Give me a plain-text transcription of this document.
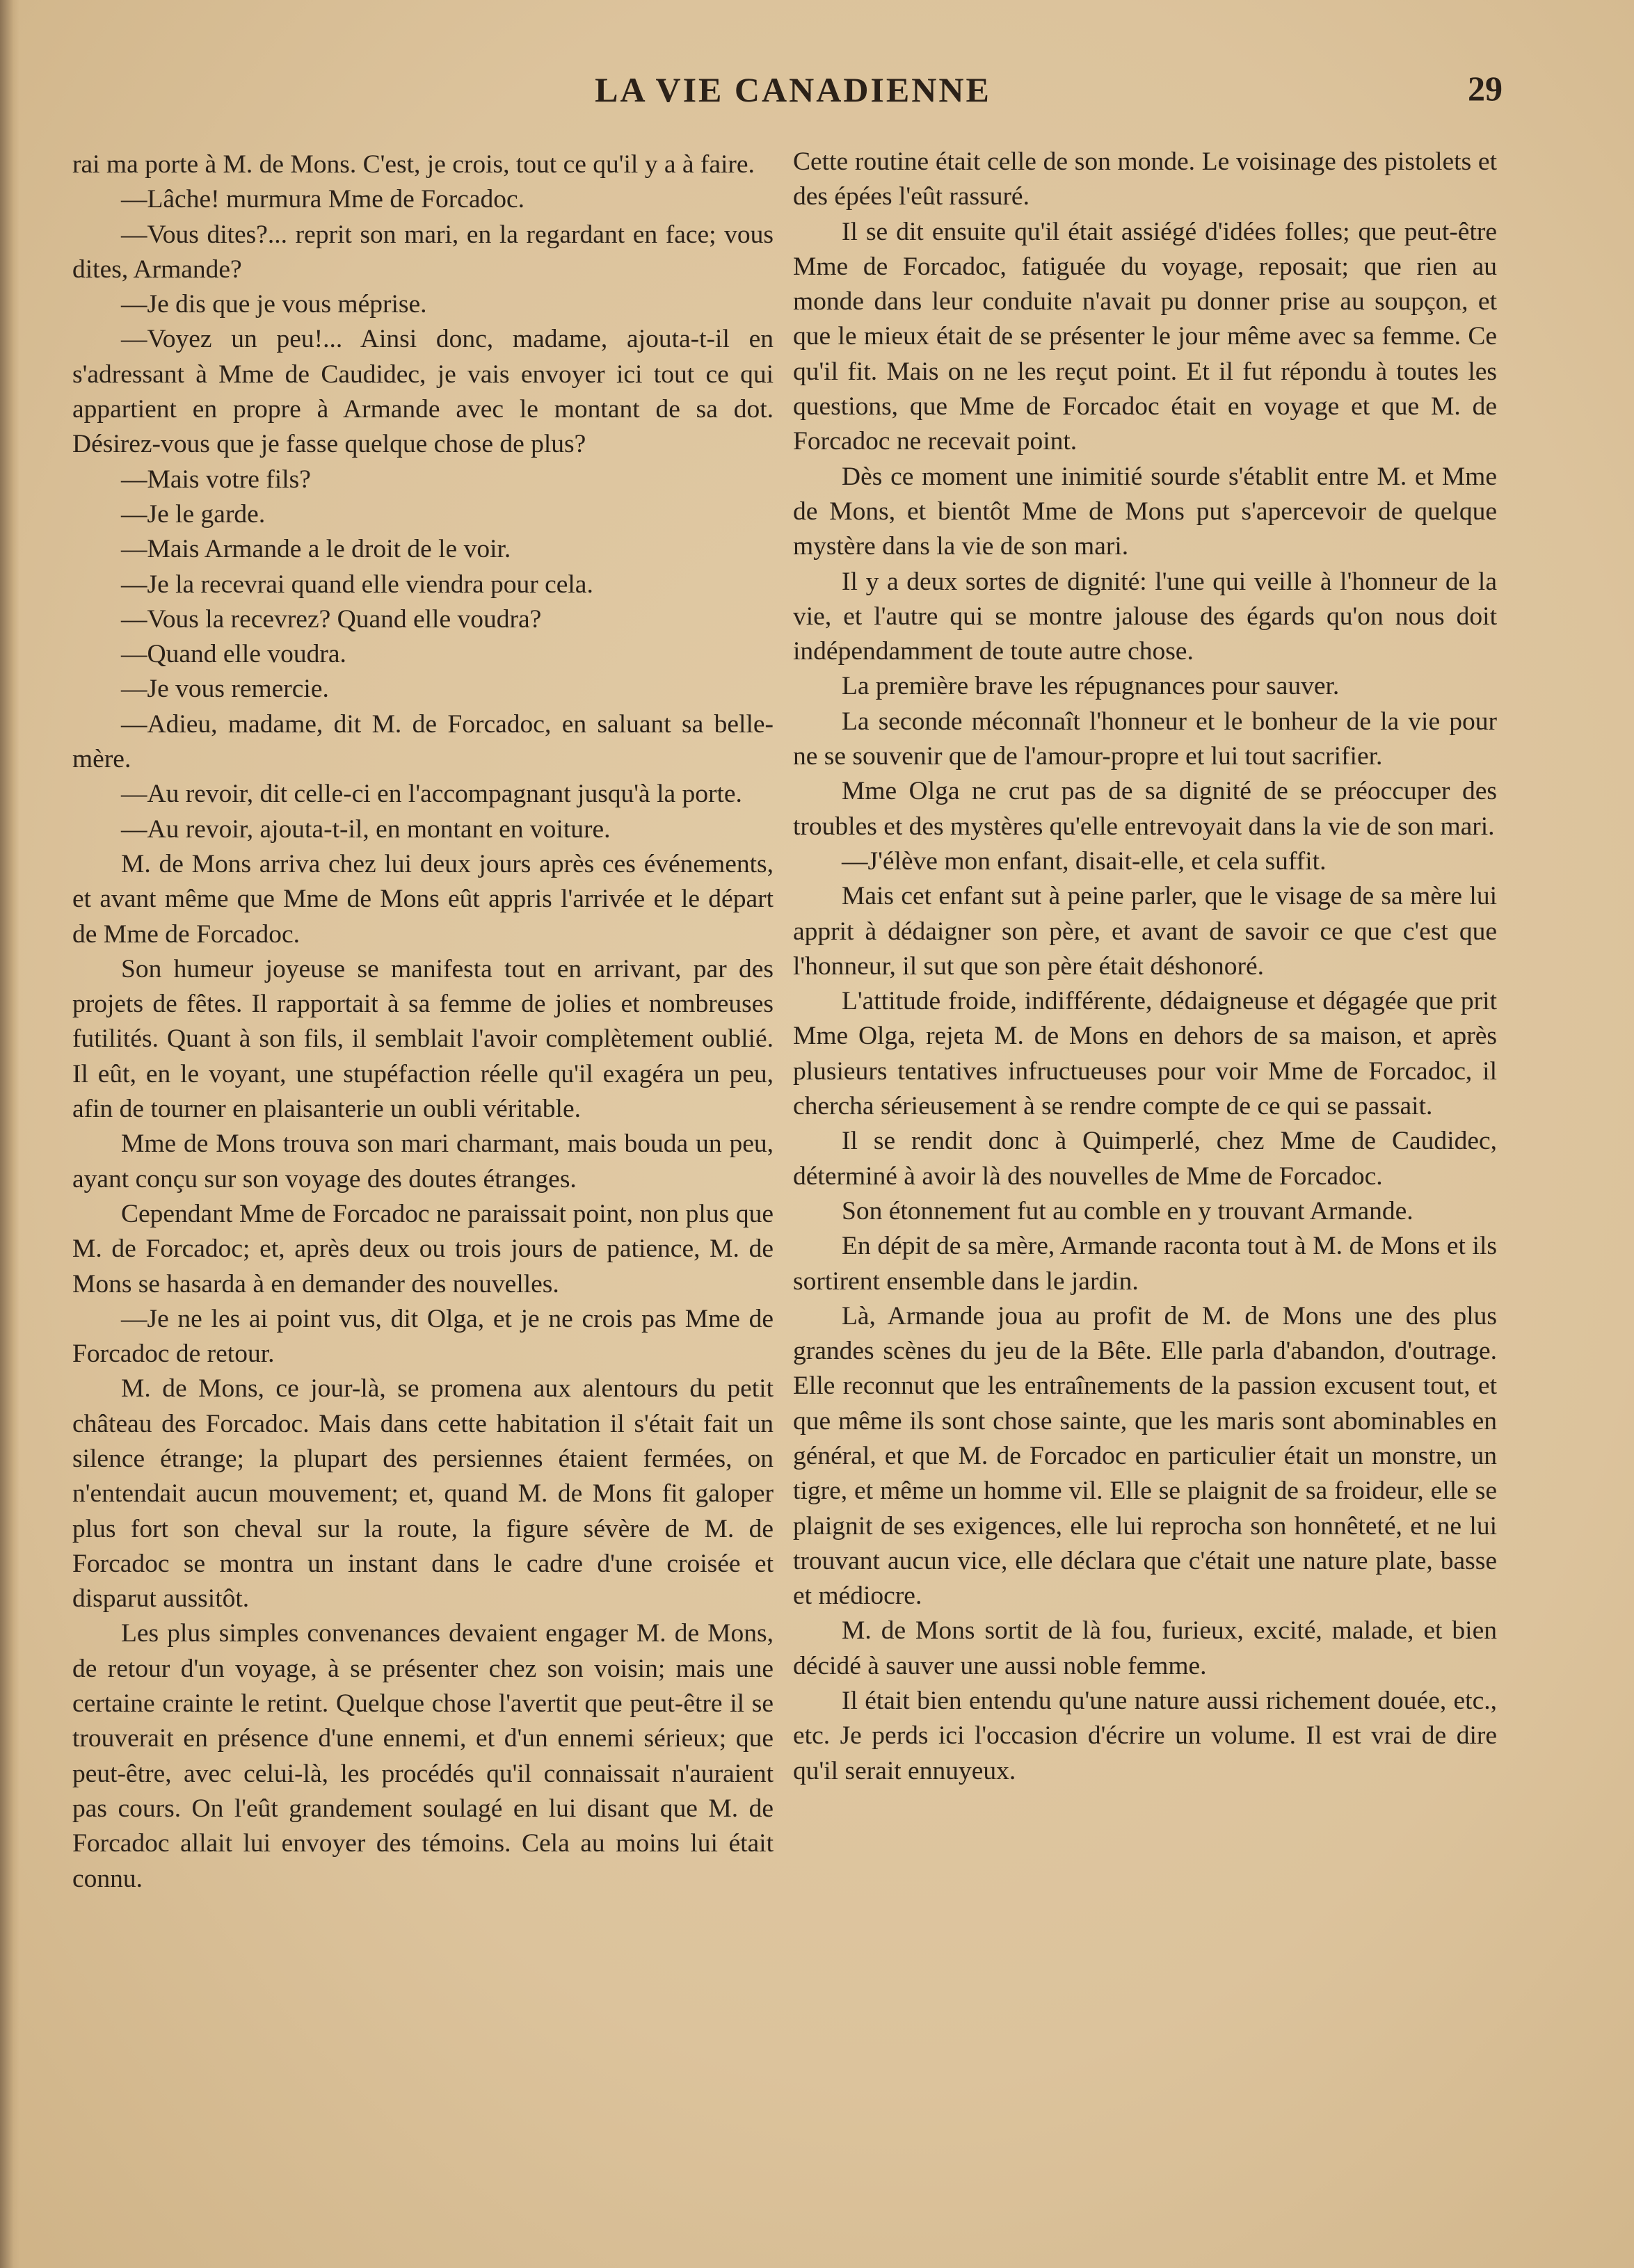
LA VIE CANADIENNE	29

rai ma porte à M. de Mons. C'est, je crois, tout ce qu'il y a à faire.

—Lâche! murmura Mme de Forcadoc.

—Vous dites?... reprit son mari, en la regardant en face; vous dites, Armande?

—Je dis que je vous méprise.

—Voyez un peu!... Ainsi donc, madame, ajouta-t-il en s'adressant à Mme de Caudidec, je vais envoyer ici tout ce qui appartient en propre à Armande avec le montant de sa dot. Désirez-vous que je fasse quelque chose de plus?

—Mais votre fils?

—Je le garde.

—Mais Armande a le droit de le voir.

—Je la recevrai quand elle viendra pour cela.

—Vous la recevrez? Quand elle voudra?

—Quand elle voudra.

—Je vous remercie.

—Adieu, madame, dit M. de Forcadoc, en saluant sa belle-mère.

—Au revoir, dit celle-ci en l'accompagnant jusqu'à la porte.

—Au revoir, ajouta-t-il, en montant en voiture.

M. de Mons arriva chez lui deux jours après ces événements, et avant même que Mme de Mons eût appris l'arrivée et le départ de Mme de Forcadoc.

Son humeur joyeuse se manifesta tout en arrivant, par des projets de fêtes. Il rapportait à sa femme de jolies et nombreuses futilités. Quant à son fils, il semblait l'avoir complètement oublié. Il eût, en le voyant, une stupéfaction réelle qu'il exagéra un peu, afin de tourner en plaisanterie un oubli véritable.

Mme de Mons trouva son mari charmant, mais bouda un peu, ayant conçu sur son voyage des doutes étranges.

Cependant Mme de Forcadoc ne paraissait point, non plus que M. de Forcadoc; et, après deux ou trois jours de patience, M. de Mons se hasarda à en demander des nouvelles.

—Je ne les ai point vus, dit Olga, et je ne crois pas Mme de Forcadoc de retour.

M. de Mons, ce jour-là, se promena aux alentours du petit château des Forcadoc. Mais dans cette habitation il s'était fait un silence étrange; la plupart des persiennes étaient fermées, on n'entendait aucun mouvement; et, quand M. de Mons fit galoper plus fort son cheval sur la route, la figure sévère de M. de Forcadoc se montra un instant dans le cadre d'une croisée et disparut aussitôt.

Les plus simples convenances devaient engager M. de Mons, de retour d'un voyage, à se présenter chez son voisin; mais une certaine crainte le retint. Quelque chose l'avertit que peut-être il se trouverait en présence d'une ennemi, et d'un ennemi sérieux; que peut-être, avec celui-là, les procédés qu'il connaissait n'auraient pas cours. On l'eût grandement soulagé en lui disant que M. de Forcadoc allait lui envoyer des témoins. Cela au moins lui était connu.

Cette routine était celle de son monde. Le voisinage des pistolets et des épées l'eût rassuré.

Il se dit ensuite qu'il était assiégé d'idées folles; que peut-être Mme de Forcadoc, fatiguée du voyage, reposait; que rien au monde dans leur conduite n'avait pu donner prise au soupçon, et que le mieux était de se présenter le jour même avec sa femme. Ce qu'il fit. Mais on ne les reçut point. Et il fut répondu à toutes les questions, que Mme de Forcadoc était en voyage et que M. de Forcadoc ne recevait point.

Dès ce moment une inimitié sourde s'établit entre M. et Mme de Mons, et bientôt Mme de Mons put s'apercevoir de quelque mystère dans la vie de son mari.

Il y a deux sortes de dignité: l'une qui veille à l'honneur de la vie, et l'autre qui se montre jalouse des égards qu'on nous doit indépendamment de toute autre chose.

La première brave les répugnances pour sauver.

La seconde méconnaît l'honneur et le bonheur de la vie pour ne se souvenir que de l'amour-propre et lui tout sacrifier.

Mme Olga ne crut pas de sa dignité de se préoccuper des troubles et des mystères qu'elle entrevoyait dans la vie de son mari.

—J'élève mon enfant, disait-elle, et cela suffit.

Mais cet enfant sut à peine parler, que le visage de sa mère lui apprit à dédaigner son père, et avant de savoir ce que c'est que l'honneur, il sut que son père était déshonoré.

L'attitude froide, indifférente, dédaigneuse et dégagée que prit Mme Olga, rejeta M. de Mons en dehors de sa maison, et après plusieurs tentatives infructueuses pour voir Mme de Forcadoc, il chercha sérieusement à se rendre compte de ce qui se passait.

Il se rendit donc à Quimperlé, chez Mme de Caudidec, déterminé à avoir là des nouvelles de Mme de Forcadoc.

Son étonnement fut au comble en y trouvant Armande.

En dépit de sa mère, Armande raconta tout à M. de Mons et ils sortirent ensemble dans le jardin.

Là, Armande joua au profit de M. de Mons une des plus grandes scènes du jeu de la Bête. Elle parla d'abandon, d'outrage. Elle reconnut que les entraînements de la passion excusent tout, et que même ils sont chose sainte, que les maris sont abominables en général, et que M. de Forcadoc en particulier était un monstre, un tigre, et même un homme vil. Elle se plaignit de sa froideur, elle se plaignit de ses exigences, elle lui reprocha son honnêteté, et ne lui trouvant aucun vice, elle déclara que c'était une nature plate, basse et médiocre.

M. de Mons sortit de là fou, furieux, excité, malade, et bien décidé à sauver une aussi noble femme.

Il était bien entendu qu'une nature aussi richement douée, etc., etc. Je perds ici l'occasion d'écrire un volume. Il est vrai de dire qu'il serait ennuyeux.
